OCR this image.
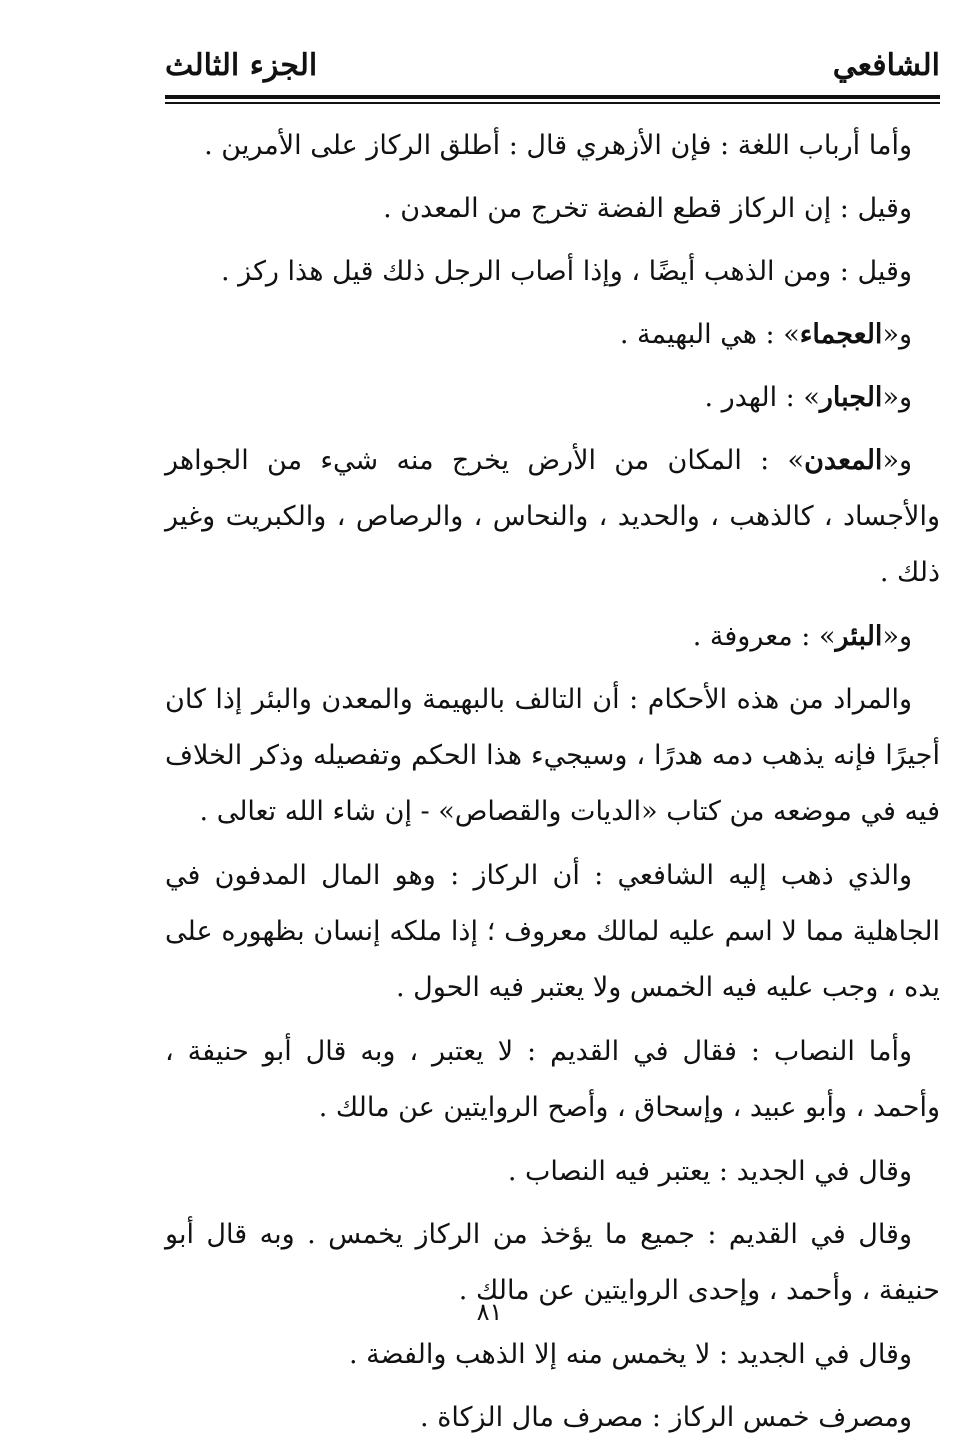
الشافعي
الجزء الثالث

وأما أرباب اللغة : فإن الأزهري قال : أطلق الركاز على الأمرين .

وقيل : إن الركاز قطع الفضة تخرج من المعدن .

وقيل : ومن الذهب أيضًا ، وإذا أصاب الرجل ذلك قيل هذا ركز .

و«العجماء» : هي البهيمة .

و«الجبار» : الهدر .

و«المعدن» : المكان من الأرض يخرج منه شيء من الجواهر والأجساد ، كالذهب ، والحديد ، والنحاس ، والرصاص ، والكبريت وغير ذلك .

و«البئر» : معروفة .

والمراد من هذه الأحكام : أن التالف بالبهيمة والمعدن والبئر إذا كان أجيرًا فإنه يذهب دمه هدرًا ، وسيجيء هذا الحكم وتفصيله وذكر الخلاف فيه في موضعه من كتاب «الديات والقصاص» - إن شاء الله تعالى .

والذي ذهب إليه الشافعي : أن الركاز : وهو المال المدفون في الجاهلية مما لا اسم عليه لمالك معروف ؛ إذا ملكه إنسان بظهوره على يده ، وجب عليه فيه الخمس ولا يعتبر فيه الحول .

وأما النصاب : فقال في القديم : لا يعتبر ، وبه قال أبو حنيفة ، وأحمد ، وأبو عبيد ، وإسحاق ، وأصح الروايتين عن مالك .

وقال في الجديد : يعتبر فيه النصاب .

وقال في القديم : جميع ما يؤخذ من الركاز يخمس . وبه قال أبو حنيفة ، وأحمد ، وإحدى الروايتين عن مالك .

وقال في الجديد : لا يخمس منه إلا الذهب والفضة .

ومصرف خمس الركاز : مصرف مال الزكاة .

٨١
